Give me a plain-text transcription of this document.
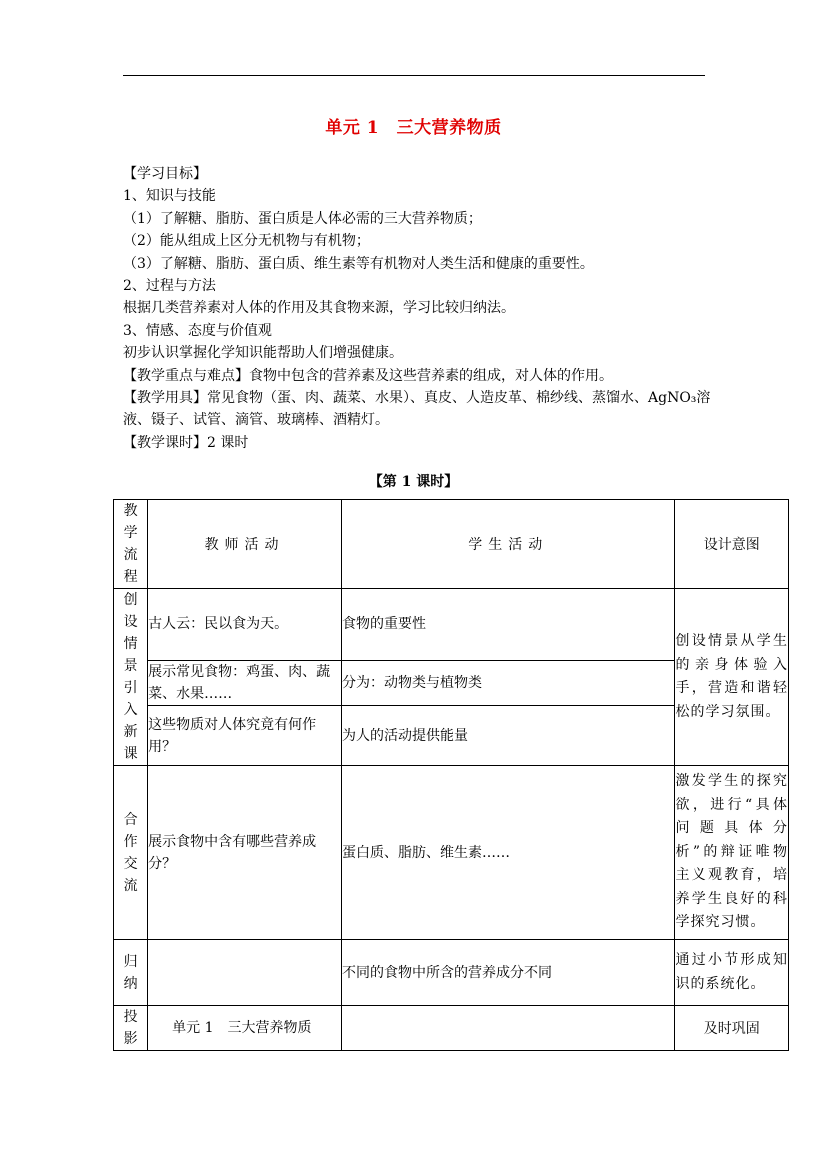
单元 1　三大营养物质
【学习目标】
1、知识与技能
（1）了解糖、脂肪、蛋白质是人体必需的三大营养物质；
（2）能从组成上区分无机物与有机物；
（3）了解糖、脂肪、蛋白质、维生素等有机物对人类生活和健康的重要性。
2、过程与方法
根据几类营养素对人体的作用及其食物来源，学习比较归纳法。
3、情感、态度与价值观
初步认识掌握化学知识能帮助人们增强健康。
【教学重点与难点】食物中包含的营养素及这些营养素的组成，对人体的作用。
【教学用具】常见食物（蛋、肉、蔬菜、水果）、真皮、人造皮革、棉纱线、蒸馏水、AgNO₃溶
液、镊子、试管、滴管、玻璃棒、酒精灯。
【教学课时】2 课时
【第 1 课时】
教学流程	教师活动	学生活动	设计意图

创设情景引入新课	古人云：民以食为天。	食物的重要性	创设情景从学生的亲身体验入手，营造和谐轻松的学习氛围。
	展示常见食物：鸡蛋、肉、蔬菜、水果……	分为：动物类与植物类	
	这些物质对人体究竟有何作用？	为人的活动提供能量	

合作交流	展示食物中含有哪些营养成分？	蛋白质、脂肪、维生素……	激发学生的探究欲，进行“具体问题具体分析”的辩证唯物主义观教育，培养学生良好的科学探究习惯。

归纳		不同的食物中所含的营养成分不同	通过小节形成知识的系统化。

投影	单元 1　三大营养物质		及时巩固
